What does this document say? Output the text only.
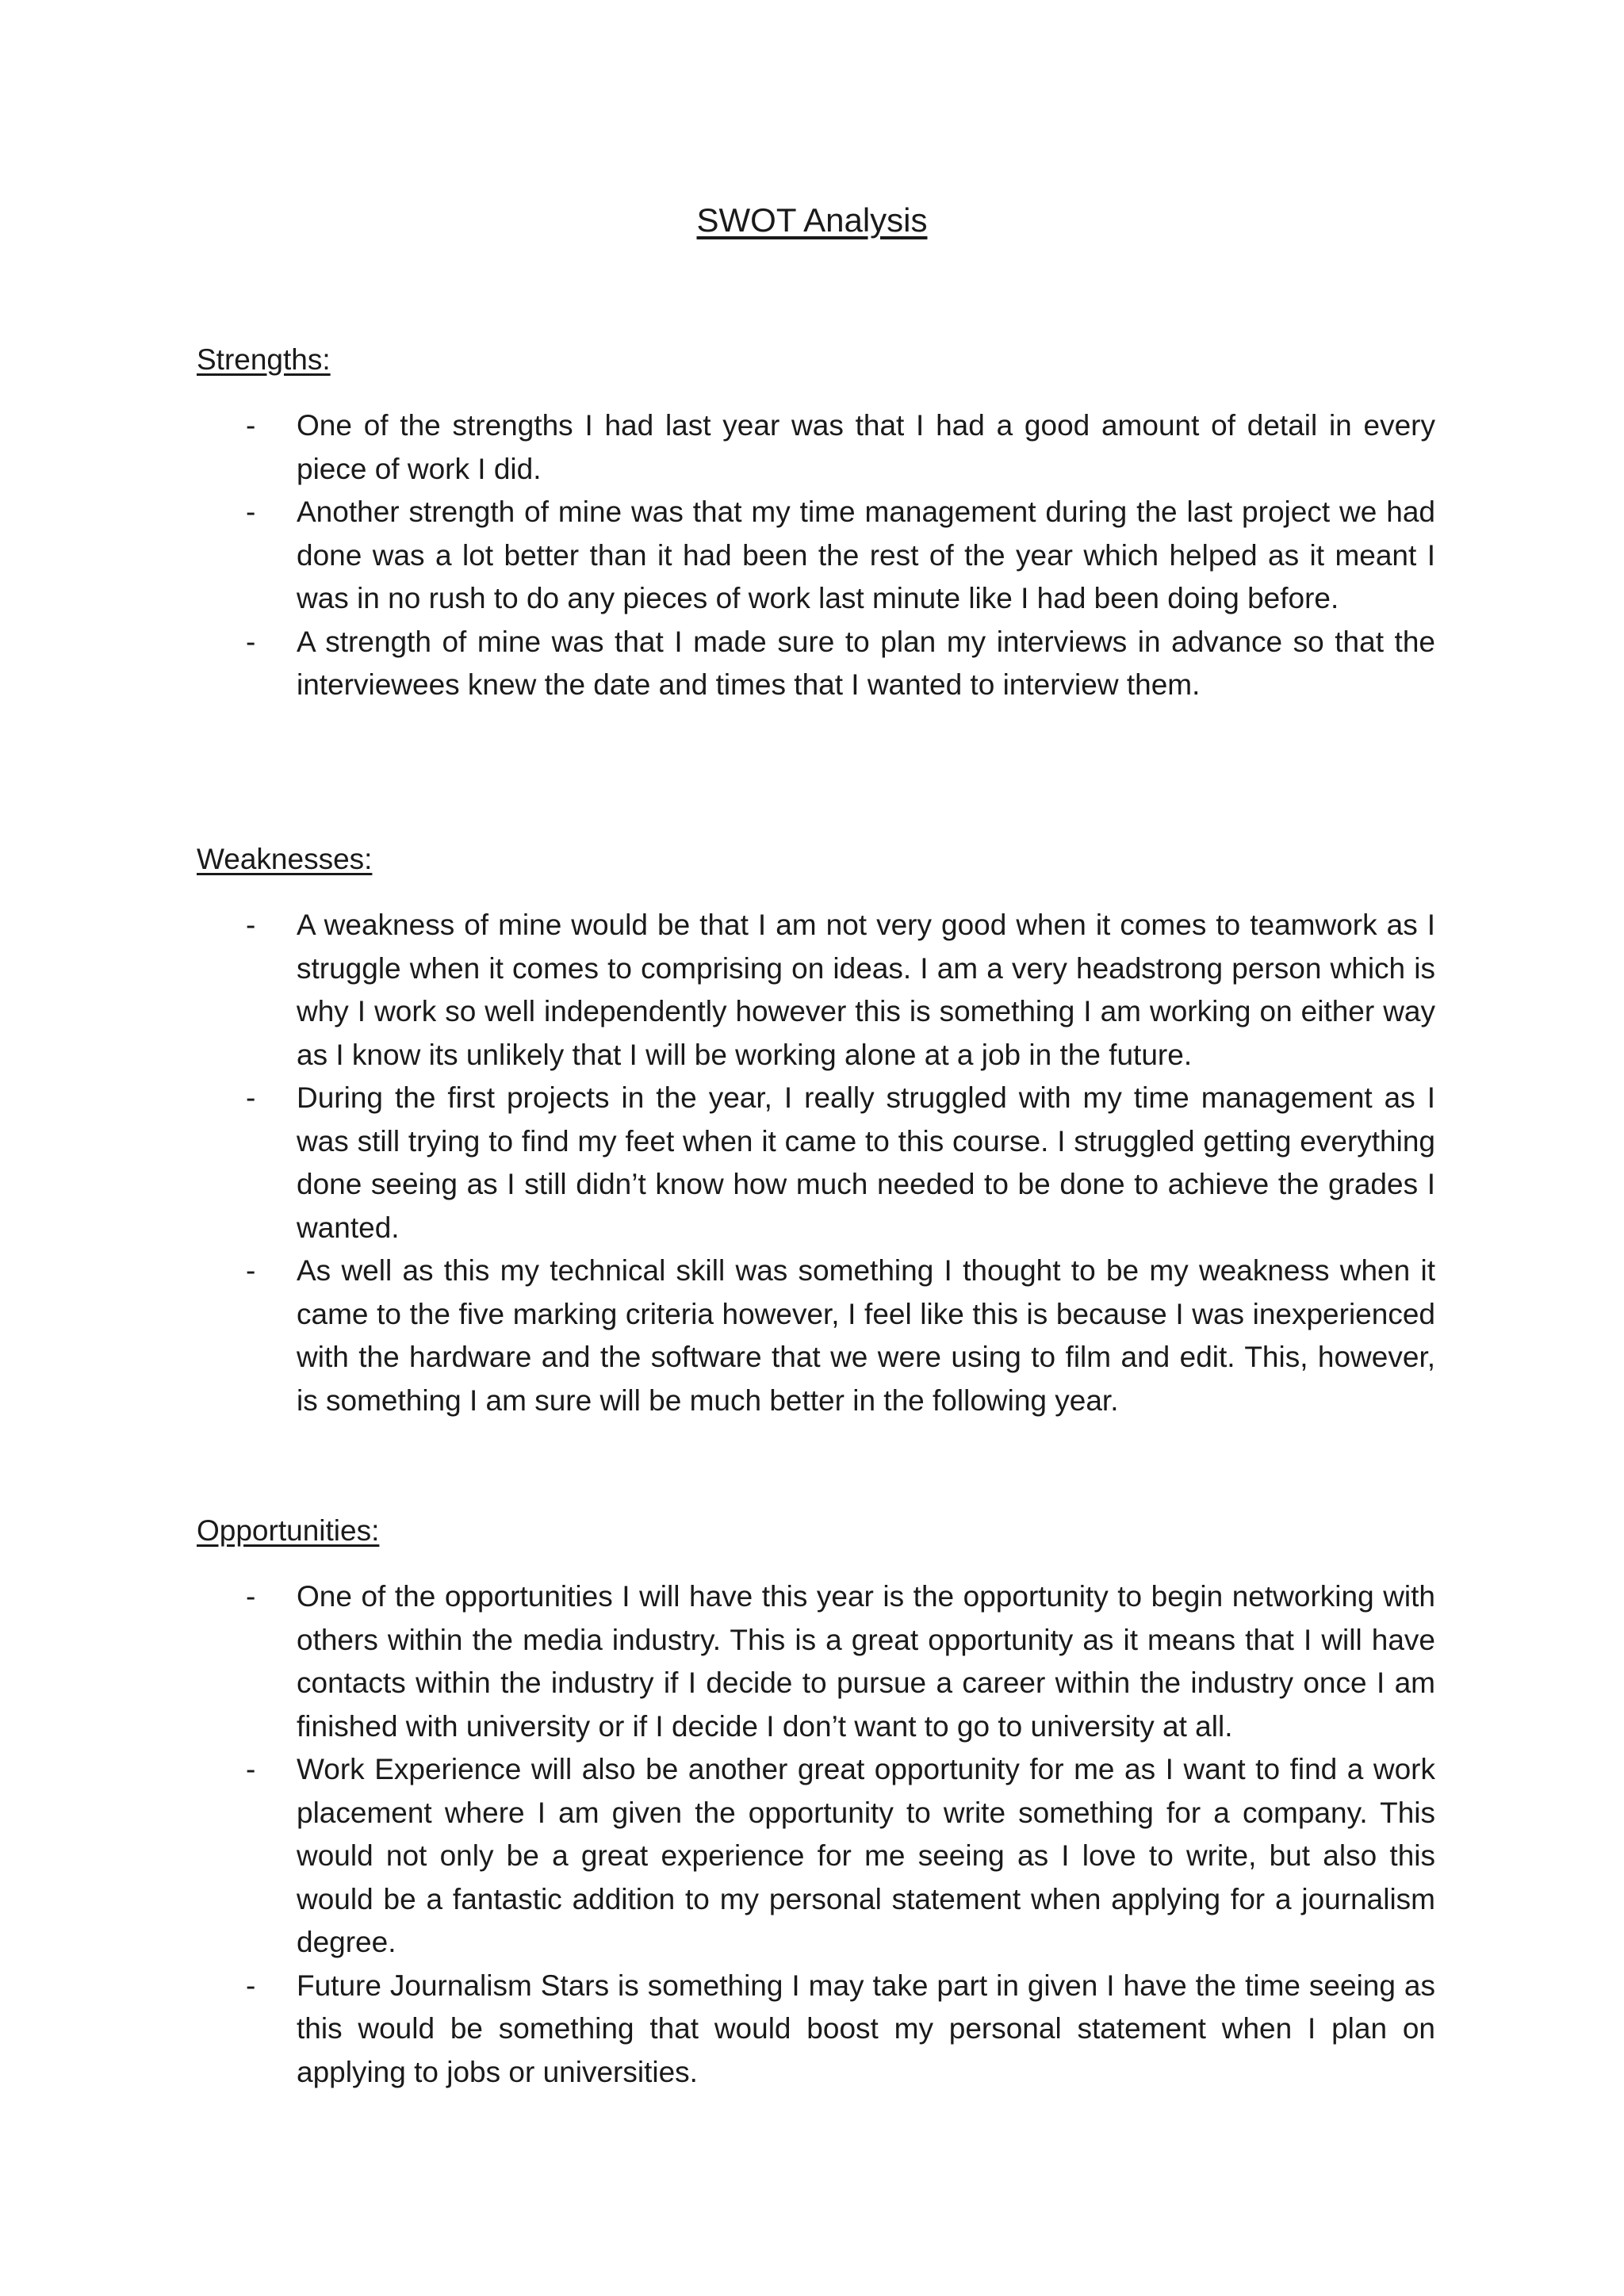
SWOT Analysis
Strengths:
- One of the strengths I had last year was that I had a good amount of detail in every piece of work I did.
- Another strength of mine was that my time management during the last project we had done was a lot better than it had been the rest of the year which helped as it meant I was in no rush to do any pieces of work last minute like I had been doing before.
- A strength of mine was that I made sure to plan my interviews in advance so that the interviewees knew the date and times that I wanted to interview them.
Weaknesses:
- A weakness of mine would be that I am not very good when it comes to teamwork as I struggle when it comes to comprising on ideas. I am a very headstrong person which is why I work so well independently however this is something I am working on either way as I know its unlikely that I will be working alone at a job in the future.
- During the first projects in the year, I really struggled with my time management as I was still trying to find my feet when it came to this course. I struggled getting everything done seeing as I still didn’t know how much needed to be done to achieve the grades I wanted.
- As well as this my technical skill was something I thought to be my weakness when it came to the five marking criteria however, I feel like this is because I was inexperienced with the hardware and the software that we were using to film and edit. This, however, is something I am sure will be much better in the following year.
Opportunities:
- One of the opportunities I will have this year is the opportunity to begin networking with others within the media industry. This is a great opportunity as it means that I will have contacts within the industry if I decide to pursue a career within the industry once I am finished with university or if I decide I don’t want to go to university at all.
- Work Experience will also be another great opportunity for me as I want to find a work placement where I am given the opportunity to write something for a company. This would not only be a great experience for me seeing as I love to write, but also this would be a fantastic addition to my personal statement when applying for a journalism degree.
- Future Journalism Stars is something I may take part in given I have the time seeing as this would be something that would boost my personal statement when I plan on applying to jobs or universities.
